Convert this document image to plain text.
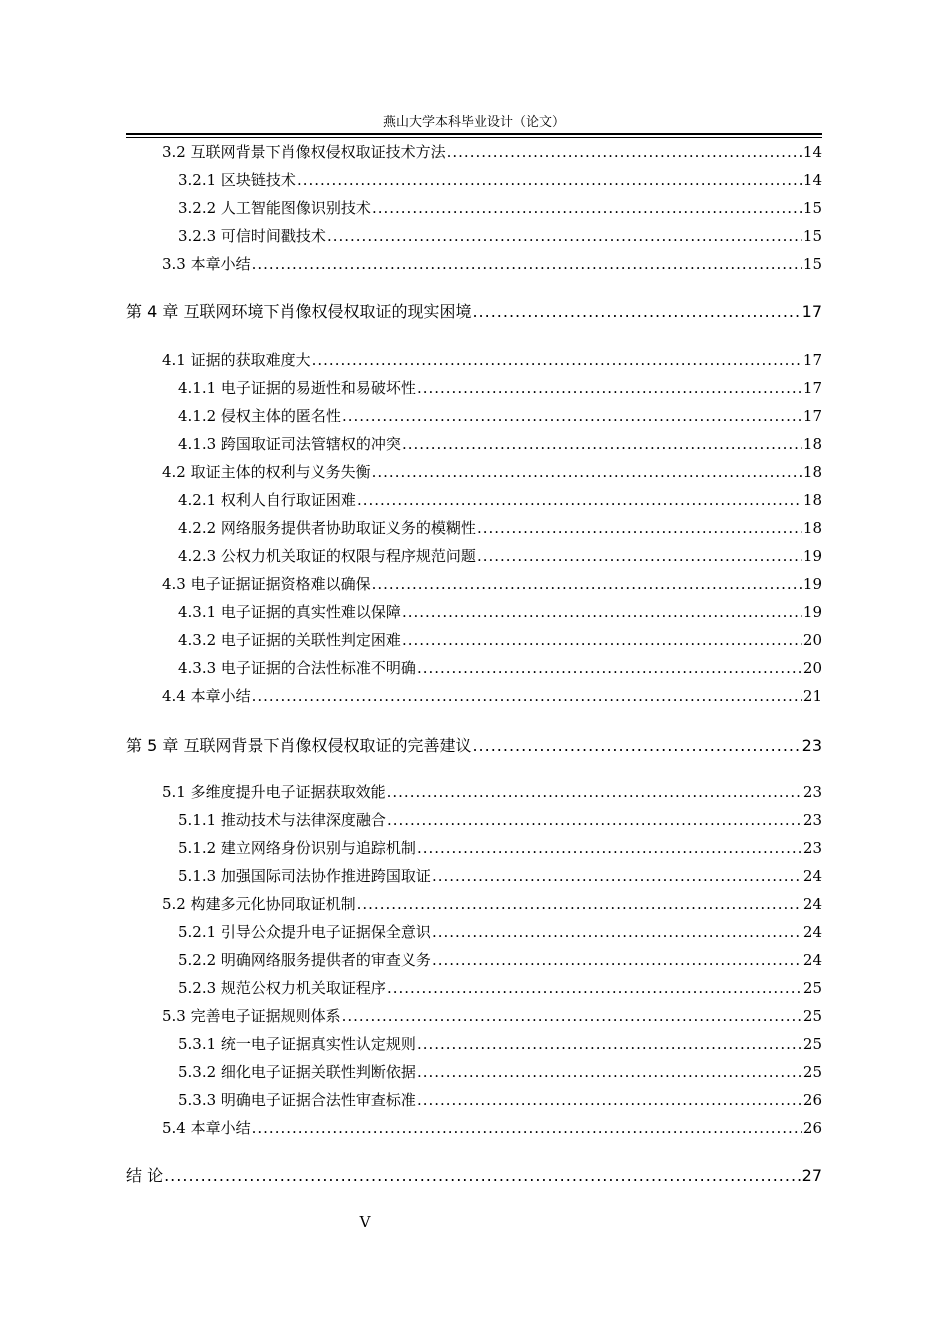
燕山大学本科毕业设计（论文）
3.2 互联网背景下肖像权侵权取证技术方法 .....	14
3.2.1 区块链技术 .....	14
3.2.2 人工智能图像识别技术 .....	15
3.2.3 可信时间戳技术 .....	15
3.3 本章小结 .....	15
第 4 章 互联网环境下肖像权侵权取证的现实困境 .....	17
4.1 证据的获取难度大 .....	17
4.1.1 电子证据的易逝性和易破坏性 .....	17
4.1.2 侵权主体的匿名性 .....	17
4.1.3 跨国取证司法管辖权的冲突 .....	18
4.2 取证主体的权利与义务失衡 .....	18
4.2.1 权利人自行取证困难 .....	18
4.2.2 网络服务提供者协助取证义务的模糊性 .....	18
4.2.3 公权力机关取证的权限与程序规范问题 .....	19
4.3 电子证据证据资格难以确保 .....	19
4.3.1 电子证据的真实性难以保障 .....	19
4.3.2 电子证据的关联性判定困难 .....	20
4.3.3 电子证据的合法性标准不明确 .....	20
4.4 本章小结 .....	21
第 5 章 互联网背景下肖像权侵权取证的完善建议 .....	23
5.1 多维度提升电子证据获取效能 .....	23
5.1.1 推动技术与法律深度融合 .....	23
5.1.2 建立网络身份识别与追踪机制 .....	23
5.1.3 加强国际司法协作推进跨国取证 .....	24
5.2 构建多元化协同取证机制 .....	24
5.2.1 引导公众提升电子证据保全意识 .....	24
5.2.2 明确网络服务提供者的审查义务 .....	24
5.2.3 规范公权力机关取证程序 .....	25
5.3 完善电子证据规则体系 .....	25
5.3.1 统一电子证据真实性认定规则 .....	25
5.3.2 细化电子证据关联性判断依据 .....	25
5.3.3 明确电子证据合法性审查标准 .....	26
5.4 本章小结 .....	26
结 论 .....	27
V
